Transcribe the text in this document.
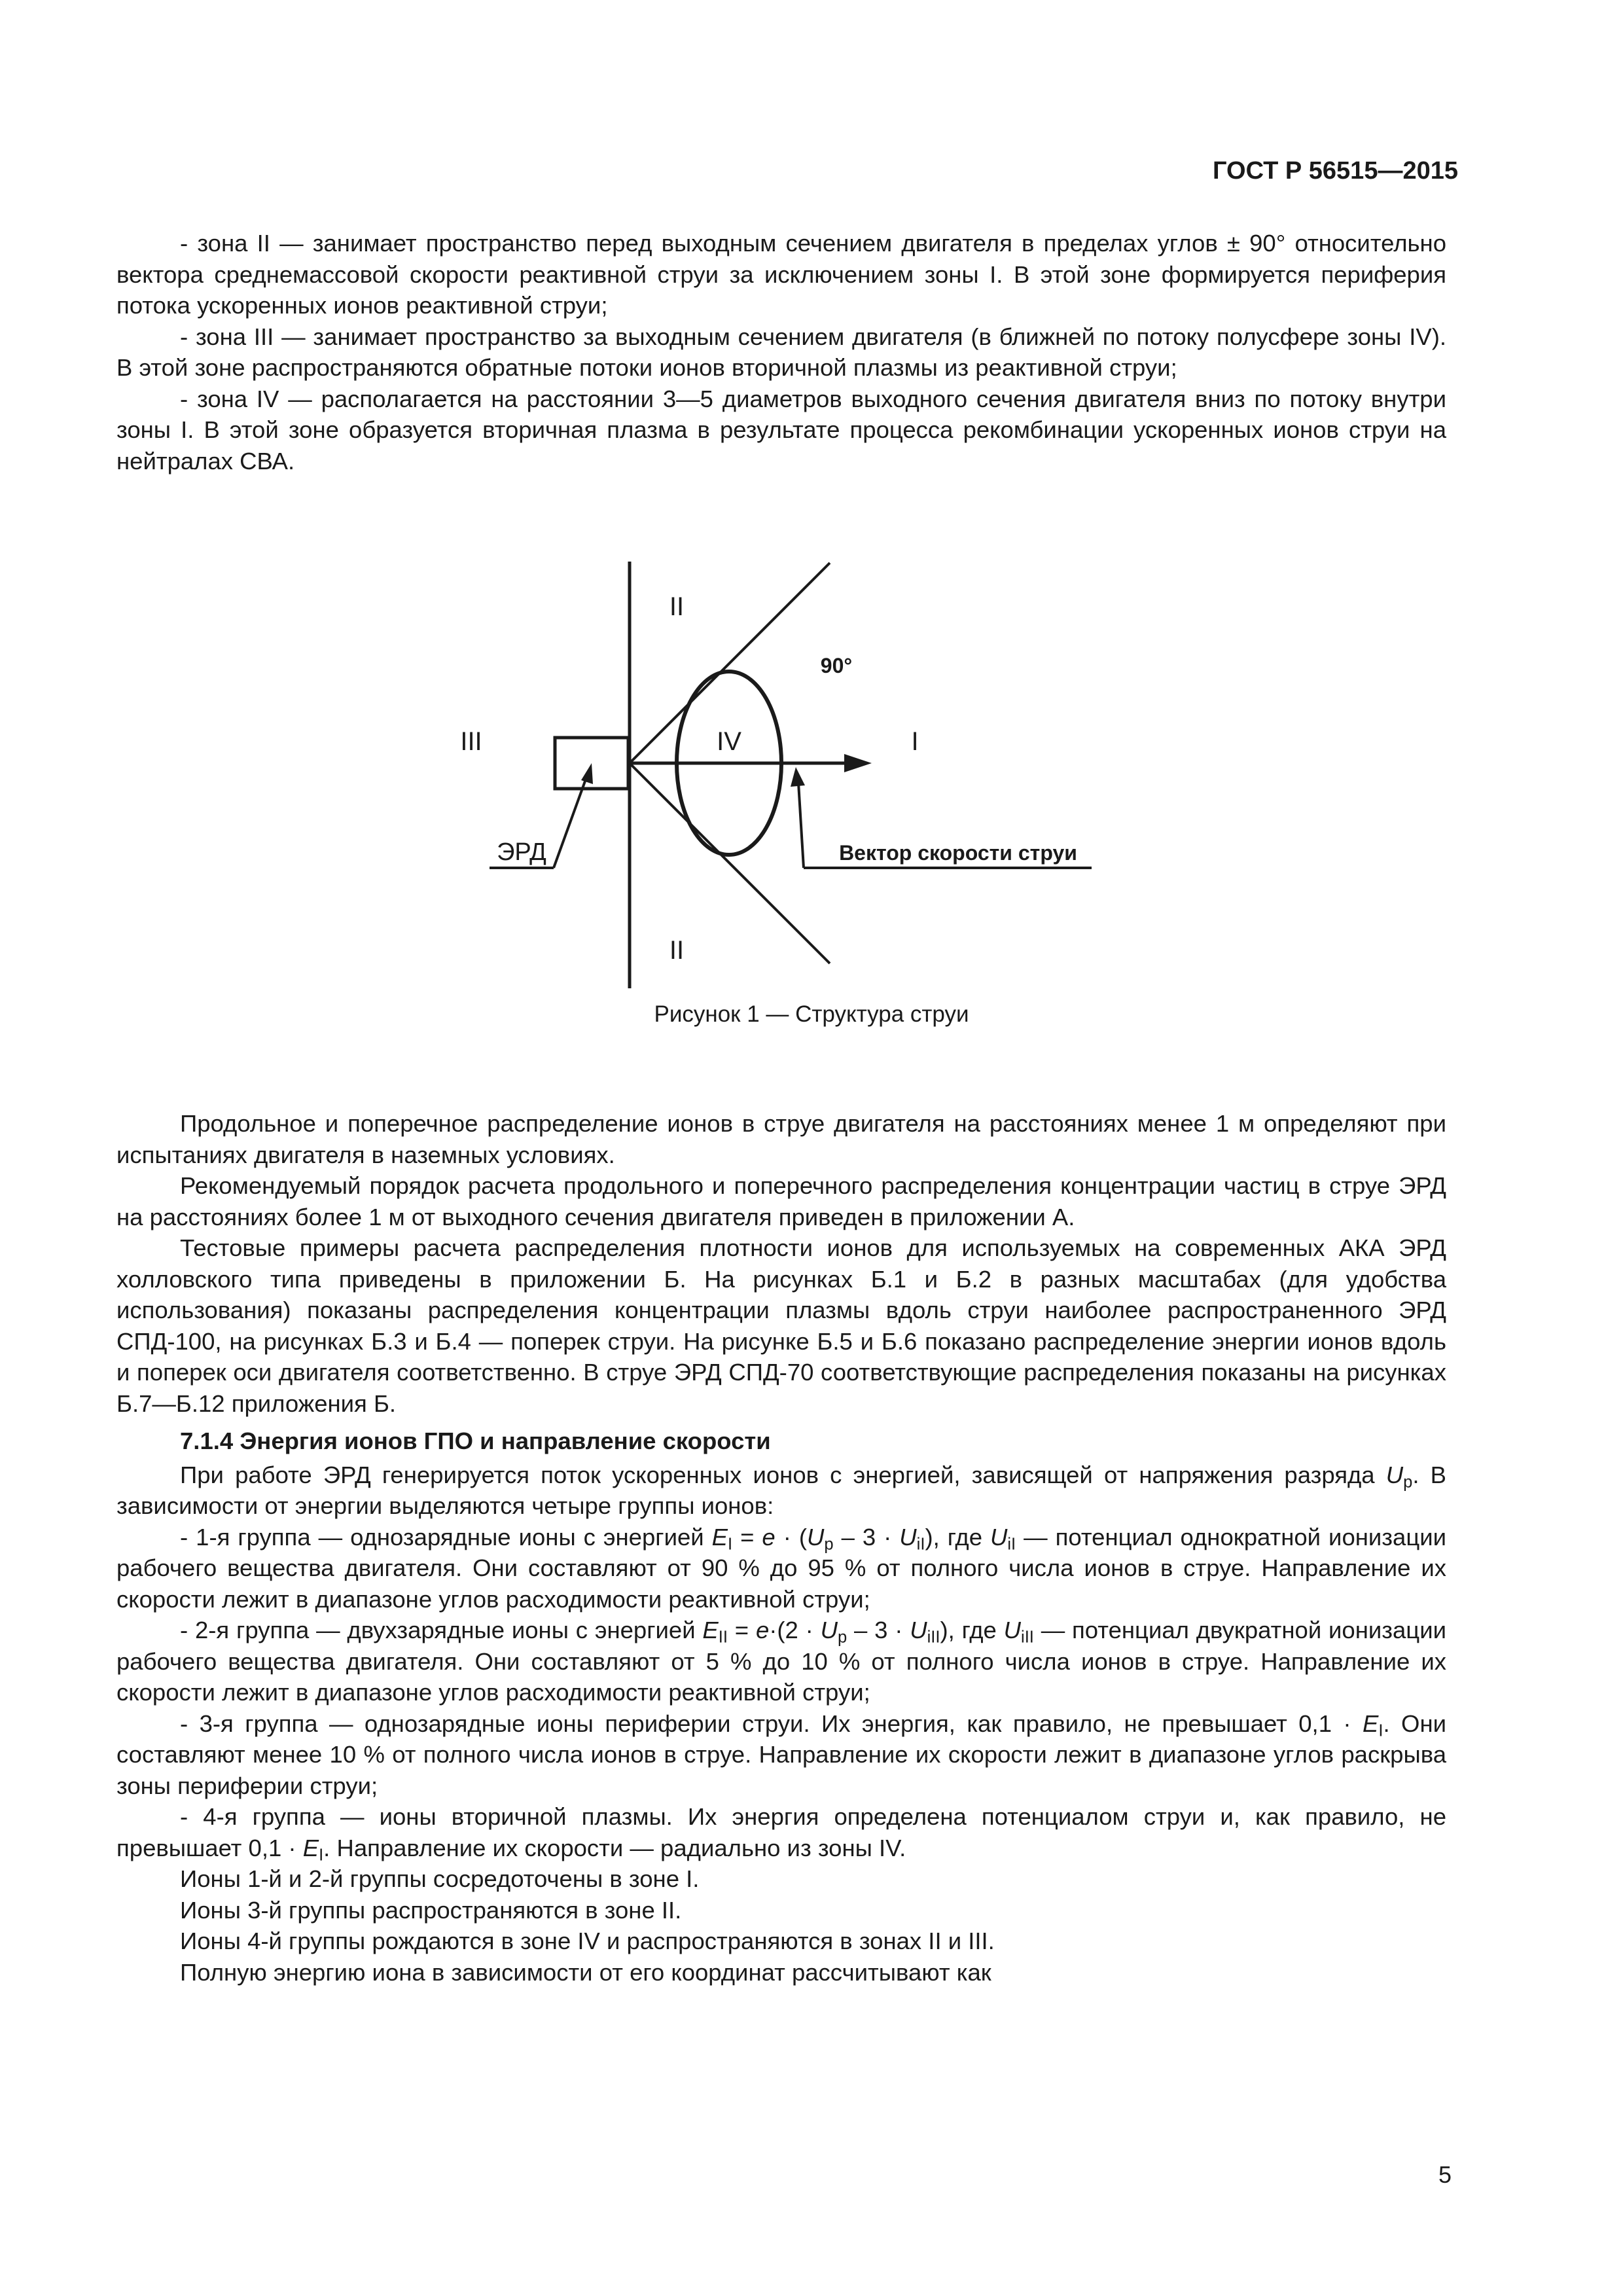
ГОСТ Р 56515—2015

- зона II — занимает пространство перед выходным сечением двигателя в пределах углов ± 90° относительно вектора среднемассовой скорости реактивной струи за исключением зоны I. В этой зоне формируется периферия потока ускоренных ионов реактивной струи;

- зона III — занимает пространство за выходным сечением двигателя (в ближней по потоку полусфере зоны IV). В этой зоне распространяются обратные потоки ионов вторичной плазмы из реактивной струи;

- зона IV — располагается на расстоянии 3—5 диаметров выходного сечения двигателя вниз по потоку внутри зоны I. В этой зоне образуется вторичная плазма в результате процесса рекомбинации ускоренных ионов струи на нейтралах СВА.

II
II
III	I
IV
90°
ЭРД	Вектор скорости струи
Рисунок 1 — Структура струи

Продольное и поперечное распределение ионов в струе двигателя на расстояниях менее 1 м определяют при испытаниях двигателя в наземных условиях.

Рекомендуемый порядок расчета продольного и поперечного распределения концентрации частиц в струе ЭРД на расстояниях более 1 м от выходного сечения двигателя приведен в приложении А.

Тестовые примеры расчета распределения плотности ионов для используемых на современных АКА ЭРД холловского типа приведены в приложении Б. На рисунках Б.1 и Б.2 в разных масштабах (для удобства использования) показаны распределения концентрации плазмы вдоль струи наиболее распространенного ЭРД СПД-100, на рисунках Б.3 и Б.4 — поперек струи. На рисунке Б.5 и Б.6 показано распределение энергии ионов вдоль и поперек оси двигателя соответственно. В струе ЭРД СПД-70 соответствующие распределения показаны на рисунках Б.7—Б.12 приложения Б.

7.1.4 Энергия ионов ГПО и направление скорости

При работе ЭРД генерируется поток ускоренных ионов с энергией, зависящей от напряжения разряда $U_p$. В зависимости от энергии выделяются четыре группы ионов:

- 1-я группа — однозарядные ионы с энергией $E_I = e \cdot (U_p - 3 \cdot U_{iI})$, где $U_{iI}$ — потенциал однократной ионизации рабочего вещества двигателя. Они составляют от 90 % до 95 % от полного числа ионов в струе. Направление их скорости лежит в диапазоне углов расходимости реактивной струи;

- 2-я группа — двухзарядные ионы с энергией $E_{II} = e\cdot(2 \cdot U_p - 3 \cdot U_{iII})$, где $U_{iII}$ — потенциал двукратной ионизации рабочего вещества двигателя. Они составляют от 5 % до 10 % от полного числа ионов в струе. Направление их скорости лежит в диапазоне углов расходимости реактивной струи;

- 3-я группа — однозарядные ионы периферии струи. Их энергия, как правило, не превышает $0,1 \cdot E_I$. Они составляют менее 10 % от полного числа ионов в струе. Направление их скорости лежит в диапазоне углов раскрыва зоны периферии струи;

- 4-я группа — ионы вторичной плазмы. Их энергия определена потенциалом струи и, как правило, не превышает $0,1 \cdot E_I$. Направление их скорости — радиально из зоны IV.

Ионы 1-й и 2-й группы сосредоточены в зоне I.

Ионы 3-й группы распространяются в зоне II.

Ионы 4-й группы рождаются в зоне IV и распространяются в зонах II и III.

Полную энергию иона в зависимости от его координат рассчитывают как

5
